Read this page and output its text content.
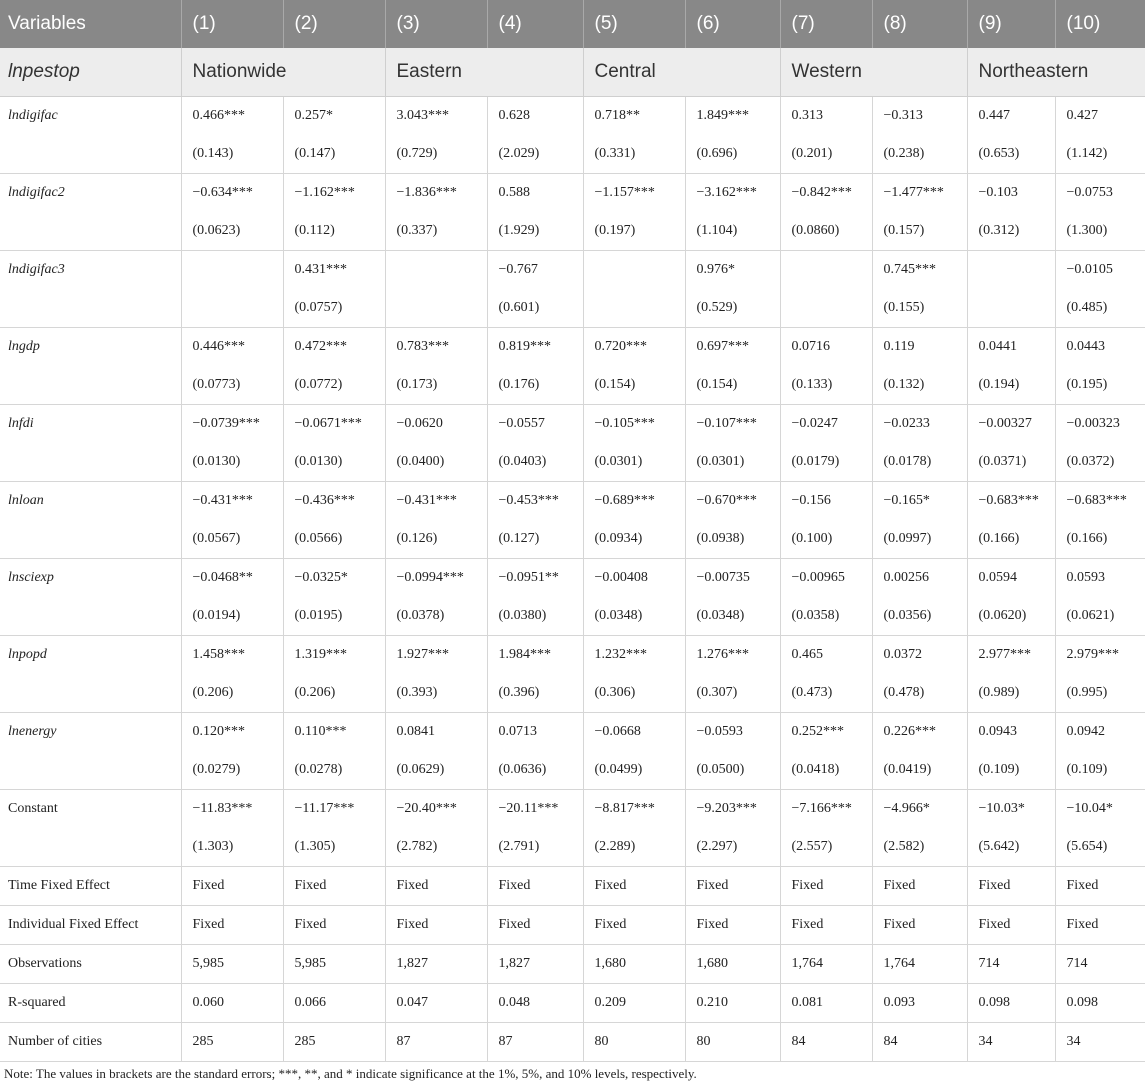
Variables	(1)	(2)	(3)	(4)	(5)	(6)	(7)	(8)	(9)	(10)
lnpestop	Nationwide		Eastern		Central		Western		Northeastern	
lndigifac	0.466***	0.257*	3.043***	0.628	0.718**	1.849***	0.313	−0.313	0.447	0.427
	(0.143)	(0.147)	(0.729)	(2.029)	(0.331)	(0.696)	(0.201)	(0.238)	(0.653)	(1.142)
lndigifac2	−0.634***	−1.162***	−1.836***	0.588	−1.157***	−3.162***	−0.842***	−1.477***	−0.103	−0.0753
	(0.0623)	(0.112)	(0.337)	(1.929)	(0.197)	(1.104)	(0.0860)	(0.157)	(0.312)	(1.300)
lndigifac3		0.431***		−0.767		0.976*		0.745***		−0.0105
		(0.0757)		(0.601)		(0.529)		(0.155)		(0.485)
lngdp	0.446***	0.472***	0.783***	0.819***	0.720***	0.697***	0.0716	0.119	0.0441	0.0443
	(0.0773)	(0.0772)	(0.173)	(0.176)	(0.154)	(0.154)	(0.133)	(0.132)	(0.194)	(0.195)
lnfdi	−0.0739***	−0.0671***	−0.0620	−0.0557	−0.105***	−0.107***	−0.0247	−0.0233	−0.00327	−0.00323
	(0.0130)	(0.0130)	(0.0400)	(0.0403)	(0.0301)	(0.0301)	(0.0179)	(0.0178)	(0.0371)	(0.0372)
lnloan	−0.431***	−0.436***	−0.431***	−0.453***	−0.689***	−0.670***	−0.156	−0.165*	−0.683***	−0.683***
	(0.0567)	(0.0566)	(0.126)	(0.127)	(0.0934)	(0.0938)	(0.100)	(0.0997)	(0.166)	(0.166)
lnsciexp	−0.0468**	−0.0325*	−0.0994***	−0.0951**	−0.00408	−0.00735	−0.00965	0.00256	0.0594	0.0593
	(0.0194)	(0.0195)	(0.0378)	(0.0380)	(0.0348)	(0.0348)	(0.0358)	(0.0356)	(0.0620)	(0.0621)
lnpopd	1.458***	1.319***	1.927***	1.984***	1.232***	1.276***	0.465	0.0372	2.977***	2.979***
	(0.206)	(0.206)	(0.393)	(0.396)	(0.306)	(0.307)	(0.473)	(0.478)	(0.989)	(0.995)
lnenergy	0.120***	0.110***	0.0841	0.0713	−0.0668	−0.0593	0.252***	0.226***	0.0943	0.0942
	(0.0279)	(0.0278)	(0.0629)	(0.0636)	(0.0499)	(0.0500)	(0.0418)	(0.0419)	(0.109)	(0.109)
Constant	−11.83***	−11.17***	−20.40***	−20.11***	−8.817***	−9.203***	−7.166***	−4.966*	−10.03*	−10.04*
	(1.303)	(1.305)	(2.782)	(2.791)	(2.289)	(2.297)	(2.557)	(2.582)	(5.642)	(5.654)
Time Fixed Effect	Fixed	Fixed	Fixed	Fixed	Fixed	Fixed	Fixed	Fixed	Fixed	Fixed
Individual Fixed Effect	Fixed	Fixed	Fixed	Fixed	Fixed	Fixed	Fixed	Fixed	Fixed	Fixed
Observations	5,985	5,985	1,827	1,827	1,680	1,680	1,764	1,764	714	714
R-squared	0.060	0.066	0.047	0.048	0.209	0.210	0.081	0.093	0.098	0.098
Number of cities	285	285	87	87	80	80	84	84	34	34
Note: The values in brackets are the standard errors; ***, **, and * indicate significance at the 1%, 5%, and 10% levels, respectively.
